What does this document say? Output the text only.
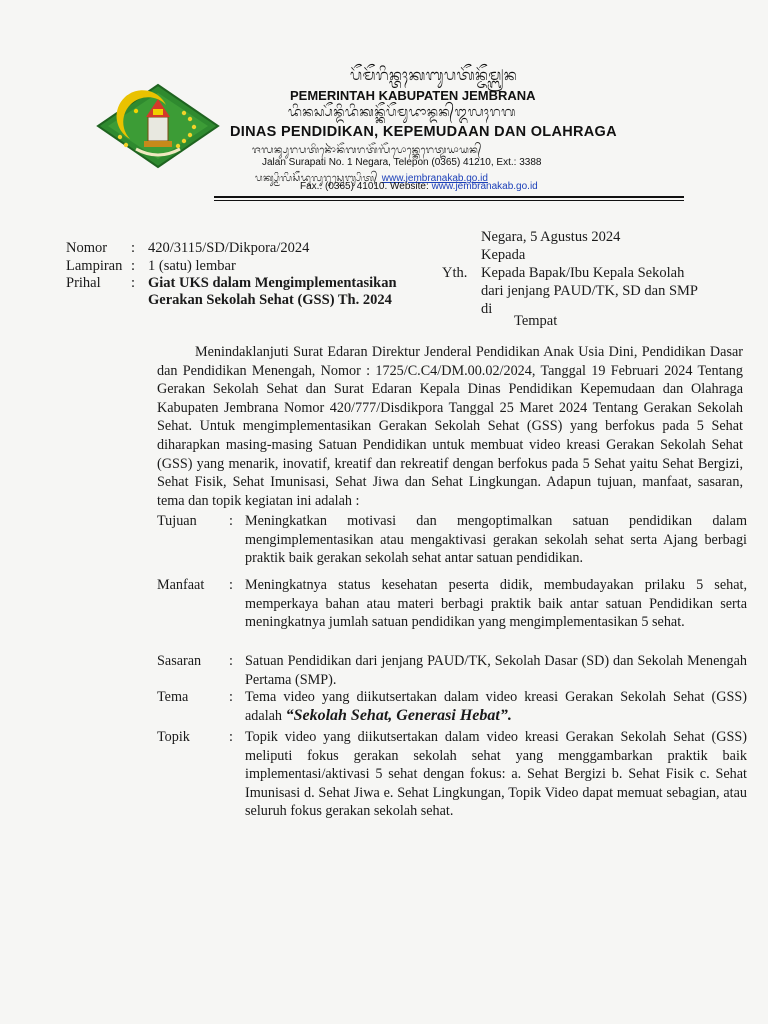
ᬧᭂᬫᭂᬭᬶᬦ᭄ᬢᬄᬓᬩᬸᬧᬢᭂᬦ᭄ᬚᭂᬫ᭄ᬩ᭄ᬭᬦ
PEMERINTAH KABUPATEN JEMBRANA
ᬤᬶᬦᬲ᭄ᬧᭂᬦ᭄ᬤᬶᬤᬶᬓᬦ᭄ᬓᭂᬧᭂᬫᬸᬤᬵᬦ᭄ᬤᬦ᭄ᬑᬮᬄᬭᬕ
DINAS PENDIDIKAN, KEPEMUDAAN DAN OLAHRAGA
ᬚᬮᬦ᭄ᬲᬸᬭᬧᬢᬶᬦᭀᬃᬦᭂᬕᬭᬢᭂᬮᭂᬧᭀᬦ᭄ᬓᬾᬭᬾᬢ᭄ᬤᬬᬵᬬᬦ᭄
Jalan Surapati No. 1 Negara, Telepon (0365) 41210, Ext.: 3388
ᬧᬓ᭄ᬲ᭄ᬫᬶᬮᬶᬲᭂᬤᬸᬮᬸᬭᬸᬲ᭄ᬯᬾᬩ᭄ᬲᬶᬢ᭄ www.jembranakab.go.id
Fax.: (0365) 41010. Website: www.jembranakab.go.id
Negara, 5 Agustus 2024
Kepada
Yth. Kepada Bapak/Ibu Kepala Sekolah
dari jenjang PAUD/TK, SD dan SMP
di
Tempat
Nomor : 420/3115/SD/Dikpora/2024
Lampiran : 1 (satu) lembar
Prihal : Giat UKS dalam Mengimplementasikan
Gerakan Sekolah Sehat (GSS) Th. 2024
Menindaklanjuti Surat Edaran Direktur Jenderal Pendidikan Anak Usia Dini, Pendidikan Dasar dan Pendidikan Menengah, Nomor : 1725/C.C4/DM.00.02/2024, Tanggal 19 Februari 2024 Tentang Gerakan Sekolah Sehat dan Surat Edaran Kepala Dinas Pendidikan Kepemudaan dan Olahraga Kabupaten Jembrana Nomor 420/777/Disdikpora Tanggal 25 Maret 2024 Tentang Gerakan Sekolah Sehat. Untuk mengimplementasikan Gerakan Sekolah Sehat (GSS) yang berfokus pada 5 Sehat diharapkan masing-masing Satuan Pendidikan untuk membuat video kreasi Gerakan Sekolah Sehat (GSS) yang menarik, inovatif, kreatif dan rekreatif dengan berfokus pada 5 Sehat yaitu Sehat Bergizi, Sehat Fisik, Sehat Imunisasi, Sehat Jiwa dan Sehat Lingkungan. Adapun tujuan, manfaat, sasaran, tema dan topik kegiatan ini adalah :
Tujuan	: Meningkatkan motivasi dan mengoptimalkan satuan pendidikan dalam mengimplementasikan atau mengaktivasi gerakan sekolah sehat serta Ajang berbagi praktik baik gerakan sekolah sehat antar satuan pendidikan.
Manfaat	: Meningkatnya status kesehatan peserta didik, membudayakan prilaku 5 sehat, memperkaya bahan atau materi berbagi praktik baik antar satuan Pendidikan serta meningkatnya jumlah satuan pendidikan yang mengimplementasikan 5 sehat.
Sasaran	: Satuan Pendidikan dari jenjang PAUD/TK, Sekolah Dasar (SD) dan Sekolah Menengah Pertama (SMP).
Tema	: Tema video yang diikutsertakan dalam video kreasi Gerakan Sekolah Sehat (GSS) adalah “Sekolah Sehat, Generasi Hebat”.
Topik	: Topik video yang diikutsertakan dalam video kreasi Gerakan Sekolah Sehat (GSS) meliputi fokus gerakan sekolah sehat yang menggambarkan praktik baik implementasi/aktivasi 5 sehat dengan fokus: a. Sehat Bergizi b. Sehat Fisik c. Sehat Imunisasi d. Sehat Jiwa e. Sehat Lingkungan, Topik Video dapat memuat sebagian, atau seluruh fokus gerakan sekolah sehat.
